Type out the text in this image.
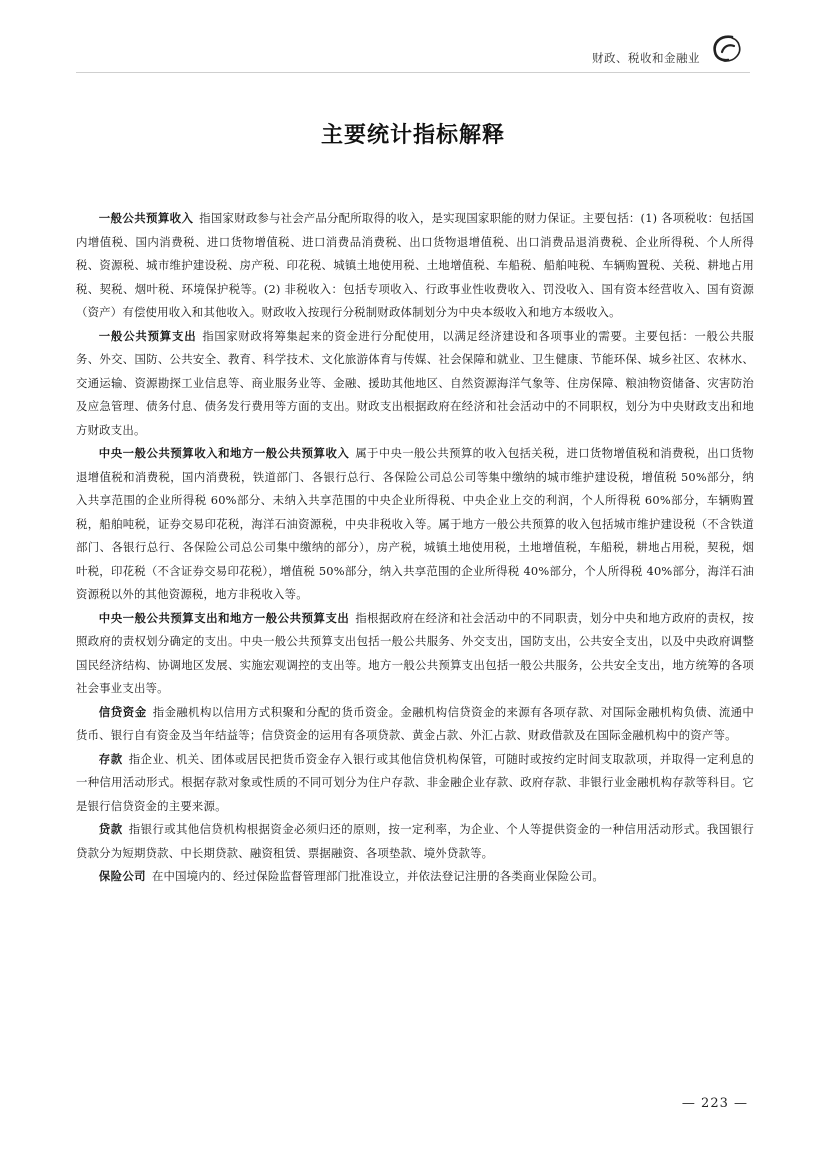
财政、税收和金融业
主要统计指标解释

一般公共预算收入 指国家财政参与社会产品分配所取得的收入，是实现国家职能的财力保证。主要包括：(1) 各项税收：包括国内增值税、国内消费税、进口货物增值税、进口消费品消费税、出口货物退增值税、出口消费品退消费税、企业所得税、个人所得税、资源税、城市维护建设税、房产税、印花税、城镇土地使用税、土地增值税、车船税、船舶吨税、车辆购置税、关税、耕地占用税、契税、烟叶税、环境保护税等。(2) 非税收入：包括专项收入、行政事业性收费收入、罚没收入、国有资本经营收入、国有资源（资产）有偿使用收入和其他收入。财政收入按现行分税制财政体制划分为中央本级收入和地方本级收入。

一般公共预算支出 指国家财政将筹集起来的资金进行分配使用，以满足经济建设和各项事业的需要。主要包括：一般公共服务、外交、国防、公共安全、教育、科学技术、文化旅游体育与传媒、社会保障和就业、卫生健康、节能环保、城乡社区、农林水、交通运输、资源勘探工业信息等、商业服务业等、金融、援助其他地区、自然资源海洋气象等、住房保障、粮油物资储备、灾害防治及应急管理、债务付息、债务发行费用等方面的支出。财政支出根据政府在经济和社会活动中的不同职权，划分为中央财政支出和地方财政支出。

中央一般公共预算收入和地方一般公共预算收入 属于中央一般公共预算的收入包括关税，进口货物增值税和消费税，出口货物退增值税和消费税，国内消费税，铁道部门、各银行总行、各保险公司总公司等集中缴纳的城市维护建设税，增值税 50%部分，纳入共享范围的企业所得税 60%部分、未纳入共享范围的中央企业所得税、中央企业上交的利润，个人所得税 60%部分，车辆购置税，船舶吨税，证券交易印花税，海洋石油资源税，中央非税收入等。属于地方一般公共预算的收入包括城市维护建设税（不含铁道部门、各银行总行、各保险公司总公司集中缴纳的部分），房产税，城镇土地使用税，土地增值税，车船税，耕地占用税，契税，烟叶税，印花税（不含证券交易印花税），增值税 50%部分，纳入共享范围的企业所得税 40%部分，个人所得税 40%部分，海洋石油资源税以外的其他资源税，地方非税收入等。

中央一般公共预算支出和地方一般公共预算支出 指根据政府在经济和社会活动中的不同职责，划分中央和地方政府的责权，按照政府的责权划分确定的支出。中央一般公共预算支出包括一般公共服务、外交支出，国防支出，公共安全支出，以及中央政府调整国民经济结构、协调地区发展、实施宏观调控的支出等。地方一般公共预算支出包括一般公共服务，公共安全支出，地方统筹的各项社会事业支出等。

信贷资金 指金融机构以信用方式积聚和分配的货币资金。金融机构信贷资金的来源有各项存款、对国际金融机构负债、流通中货币、银行自有资金及当年结益等；信贷资金的运用有各项贷款、黄金占款、外汇占款、财政借款及在国际金融机构中的资产等。

存款 指企业、机关、团体或居民把货币资金存入银行或其他信贷机构保管，可随时或按约定时间支取款项，并取得一定利息的一种信用活动形式。根据存款对象或性质的不同可划分为住户存款、非金融企业存款、政府存款、非银行业金融机构存款等科目。它是银行信贷资金的主要来源。

贷款 指银行或其他信贷机构根据资金必须归还的原则，按一定利率，为企业、个人等提供资金的一种信用活动形式。我国银行贷款分为短期贷款、中长期贷款、融资租赁、票据融资、各项垫款、境外贷款等。

保险公司 在中国境内的、经过保险监督管理部门批准设立，并依法登记注册的各类商业保险公司。

— 223 —
